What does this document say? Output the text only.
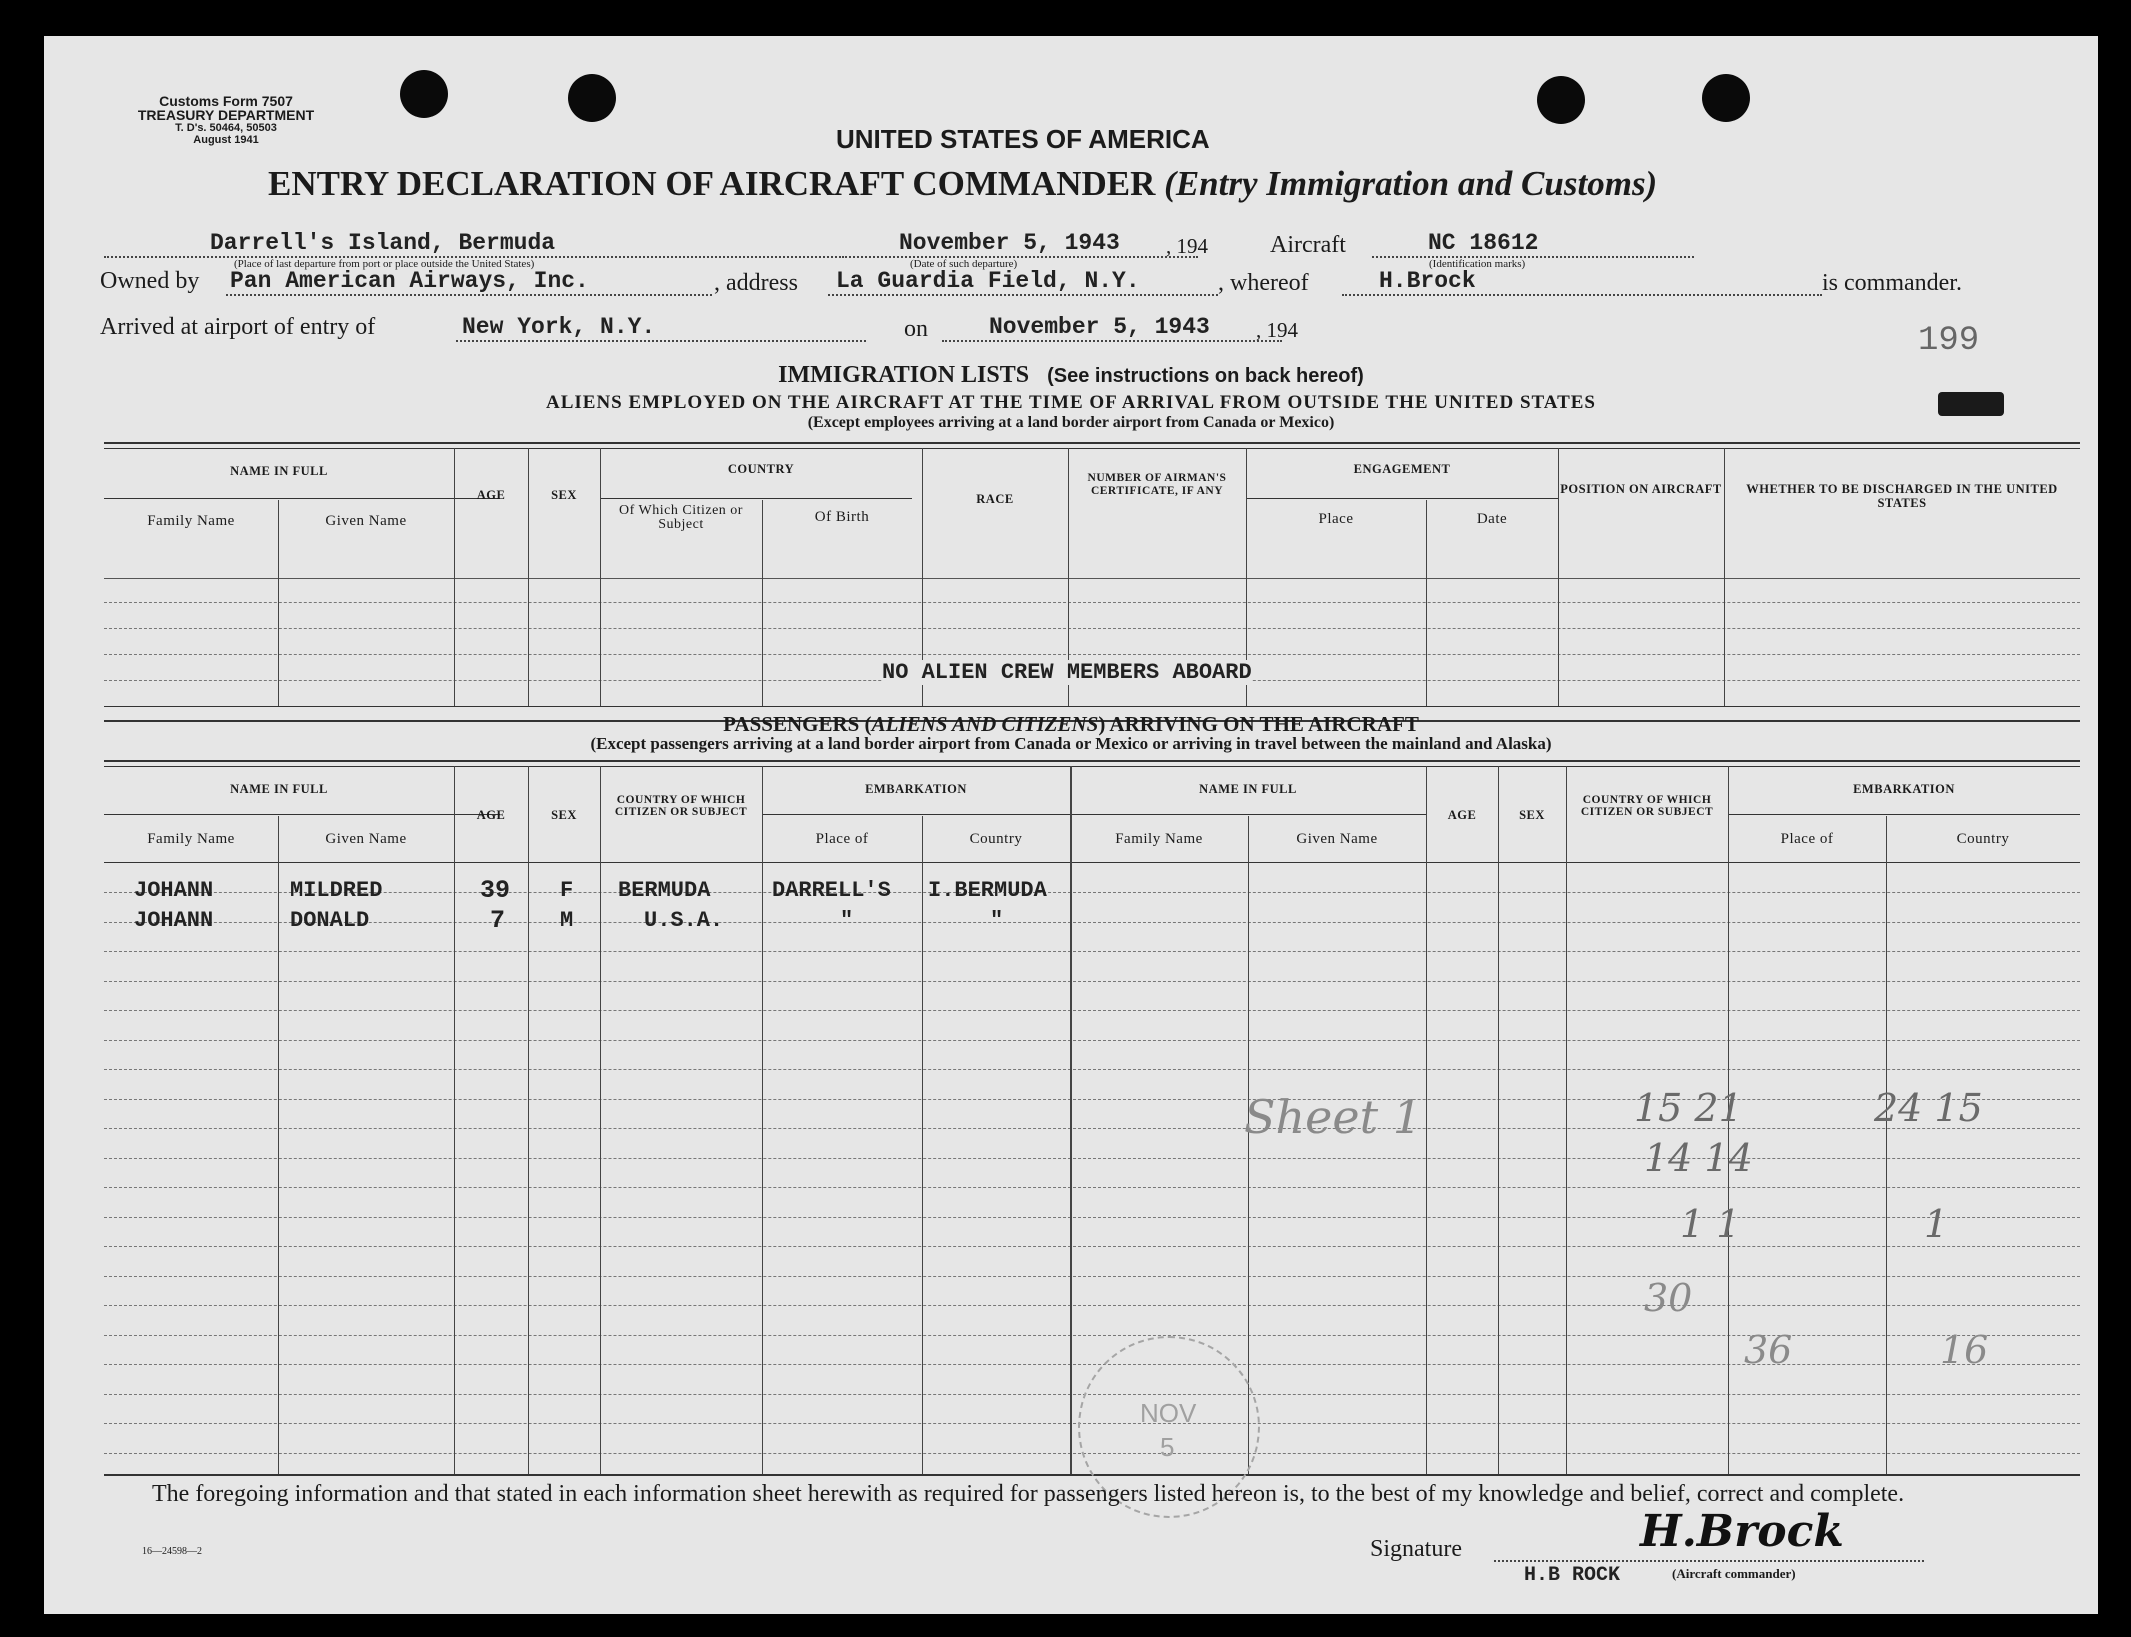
Customs Form 7507
TREASURY DEPARTMENT
T. D's. 50464, 50503
August 1941	UNITED STATES OF AMERICA
ENTRY DECLARATION OF AIRCRAFT COMMANDER (Entry Immigration and Customs)
Darrell's Island, Bermuda
(Place of last departure from port or place outside the United States)
November 5, 1943 , 194
(Date of such departure)
Aircraft	NC 18612
(Identification marks)
Owned by Pan American Airways, Inc.	, address La Guardia Field, N.Y.	, whereof	H.Brock	is commander.
Arrived at airport of entry of	New York, N.Y.	on	November 5, 1943 , 194	199
IMMIGRATION LISTS (See instructions on back hereof)
ALIENS EMPLOYED ON THE AIRCRAFT AT THE TIME OF ARRIVAL FROM OUTSIDE THE UNITED STATES
(Except employees arriving at a land border airport from Canada or Mexico)
NAME IN FULL
Family Name	Given Name
AGE	SEX
COUNTRY
Of Which Citizen or Subject	Of Birth
RACE
NUMBER OF AIRMAN'S CERTIFICATE, IF ANY
ENGAGEMENT
Place	Date
POSITION ON AIRCRAFT	WHETHER TO BE DISCHARGED IN THE UNITED STATES
NO ALIEN CREW MEMBERS ABOARD
PASSENGERS (ALIENS AND CITIZENS) ARRIVING ON THE AIRCRAFT
(Except passengers arriving at a land border airport from Canada or Mexico or arriving in travel between the mainland and Alaska)
NAME IN FULL
Family Name	Given Name
AGE	SEX
COUNTRY OF WHICH CITIZEN OR SUBJECT
EMBARKATION
Place of	Country
NAME IN FULL
Family Name	Given Name
AGE	SEX
COUNTRY OF WHICH CITIZEN OR SUBJECT
EMBARKATION
Place of	Country
JOHANN	MILDRED	39 F BERMUDA	DARRELL'S I.BERMUDA
JOHANN	DONALD	7 M	U.S.A.	"	"
Sheet 1	15 21	24 15
14 14
1 1	1
30
36	16
NOV
5
The foregoing information and that stated in each information sheet herewith as required for passengers listed hereon is, to the best of my knowledge and belief, correct and complete.
16—24598—2	Signature	H.Brock
H.B ROCK	(Aircraft commander)
